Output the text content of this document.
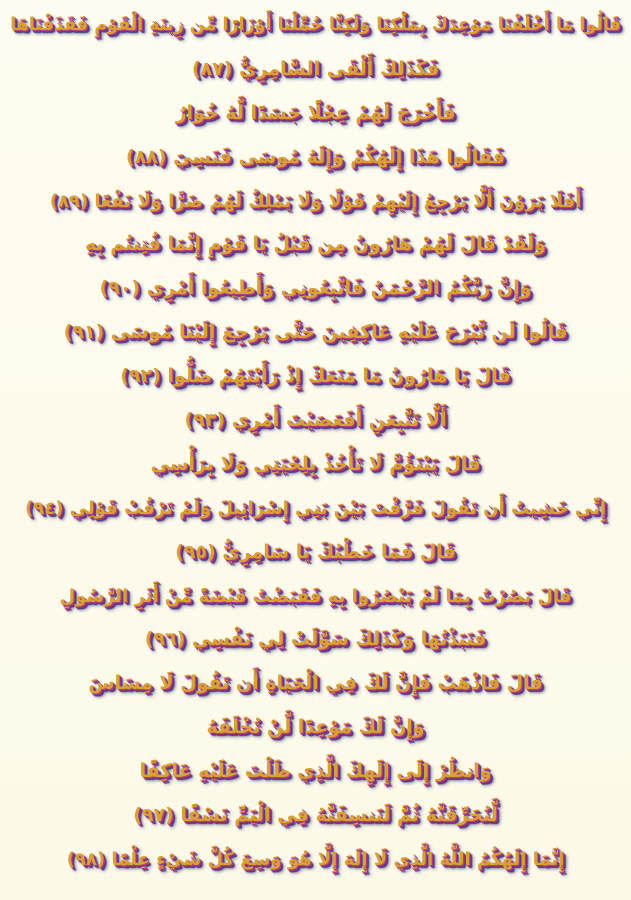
قَالُوا مَا أَخْلَفْنَا مَوْعِدَكَ بِمَلْكِنَا وَلَكِنَّا حُمِّلْنَا أَوْزَارًا مِّن زِينَةِ الْقَوْمِ فَقَذَفْنَاهَا
فَكَذَلِكَ أَلْقَى السَّامِرِيُّ (٨٧)
فَأَخْرَجَ لَهُمْ عِجْلًا جَسَدًا لَّهُ خُوَارٌ
فَقَالُوا هَذَا إِلَهُكُمْ وَإِلَهُ مُوسَى فَنَسِيَ (٨٨)
أَفَلَا يَرَوْنَ أَلَّا يَرْجِعُ إِلَيْهِمْ قَوْلًا وَلَا يَمْلِكُ لَهُمْ ضَرًّا وَلَا نَفْعًا (٨٩)
وَلَقَدْ قَالَ لَهُمْ هَارُونُ مِن قَبْلُ يَا قَوْمِ إِنَّمَا فُتِنتُم بِهِ
وَإِنَّ رَبَّكُمُ الرَّحْمَنُ فَاتَّبِعُونِي وَأَطِيعُوا أَمْرِي (٩٠)
قَالُوا لَن نَّبْرَحَ عَلَيْهِ عَاكِفِينَ حَتَّى يَرْجِعَ إِلَيْنَا مُوسَى (٩١)
قَالَ يَا هَارُونُ مَا مَنَعَكَ إِذْ رَأَيْتَهُمْ ضَلُّوا (٩٢)
أَلَّا تَتَّبِعَنِ أَفَعَصَيْتَ أَمْرِي (٩٣)
قَالَ يَبْنَؤُمَّ لَا تَأْخُذْ بِلِحْيَتِي وَلَا بِرَأْسِي
إِنِّي خَشِيتُ أَن تَقُولَ فَرَّقْتَ بَيْنَ بَنِي إِسْرَائِيلَ وَلَمْ تَرْقُبْ قَوْلِي (٩٤)
قَالَ فَمَا خَطْبُكَ يَا سَامِرِيُّ (٩٥)
قَالَ بَصُرْتُ بِمَا لَمْ يَبْصُرُوا بِهِ فَقَبَضْتُ قَبْضَةً مِّنْ أَثَرِ الرَّسُولِ
فَنَبَذْتُهَا وَكَذَلِكَ سَوَّلَتْ لِي نَفْسِي (٩٦)
قَالَ فَاذْهَبْ فَإِنَّ لَكَ فِي الْحَيَاةِ أَن تَقُولَ لَا مِسَاسَ
وَإِنَّ لَكَ مَوْعِدًا لَّنْ تُخْلَفَهُ
وَانظُرْ إِلَى إِلَهِكَ الَّذِي ظَلْتَ عَلَيْهِ عَاكِفًا
لَّنُحَرِّقَنَّهُ ثُمَّ لَنَنسِفَنَّهُ فِي الْيَمِّ نَسْفًا (٩٧)
إِنَّمَا إِلَهُكُمُ اللَّهُ الَّذِي لَا إِلَهَ إِلَّا هُوَ وَسِعَ كُلَّ شَيْءٍ عِلْمًا (٩٨)
